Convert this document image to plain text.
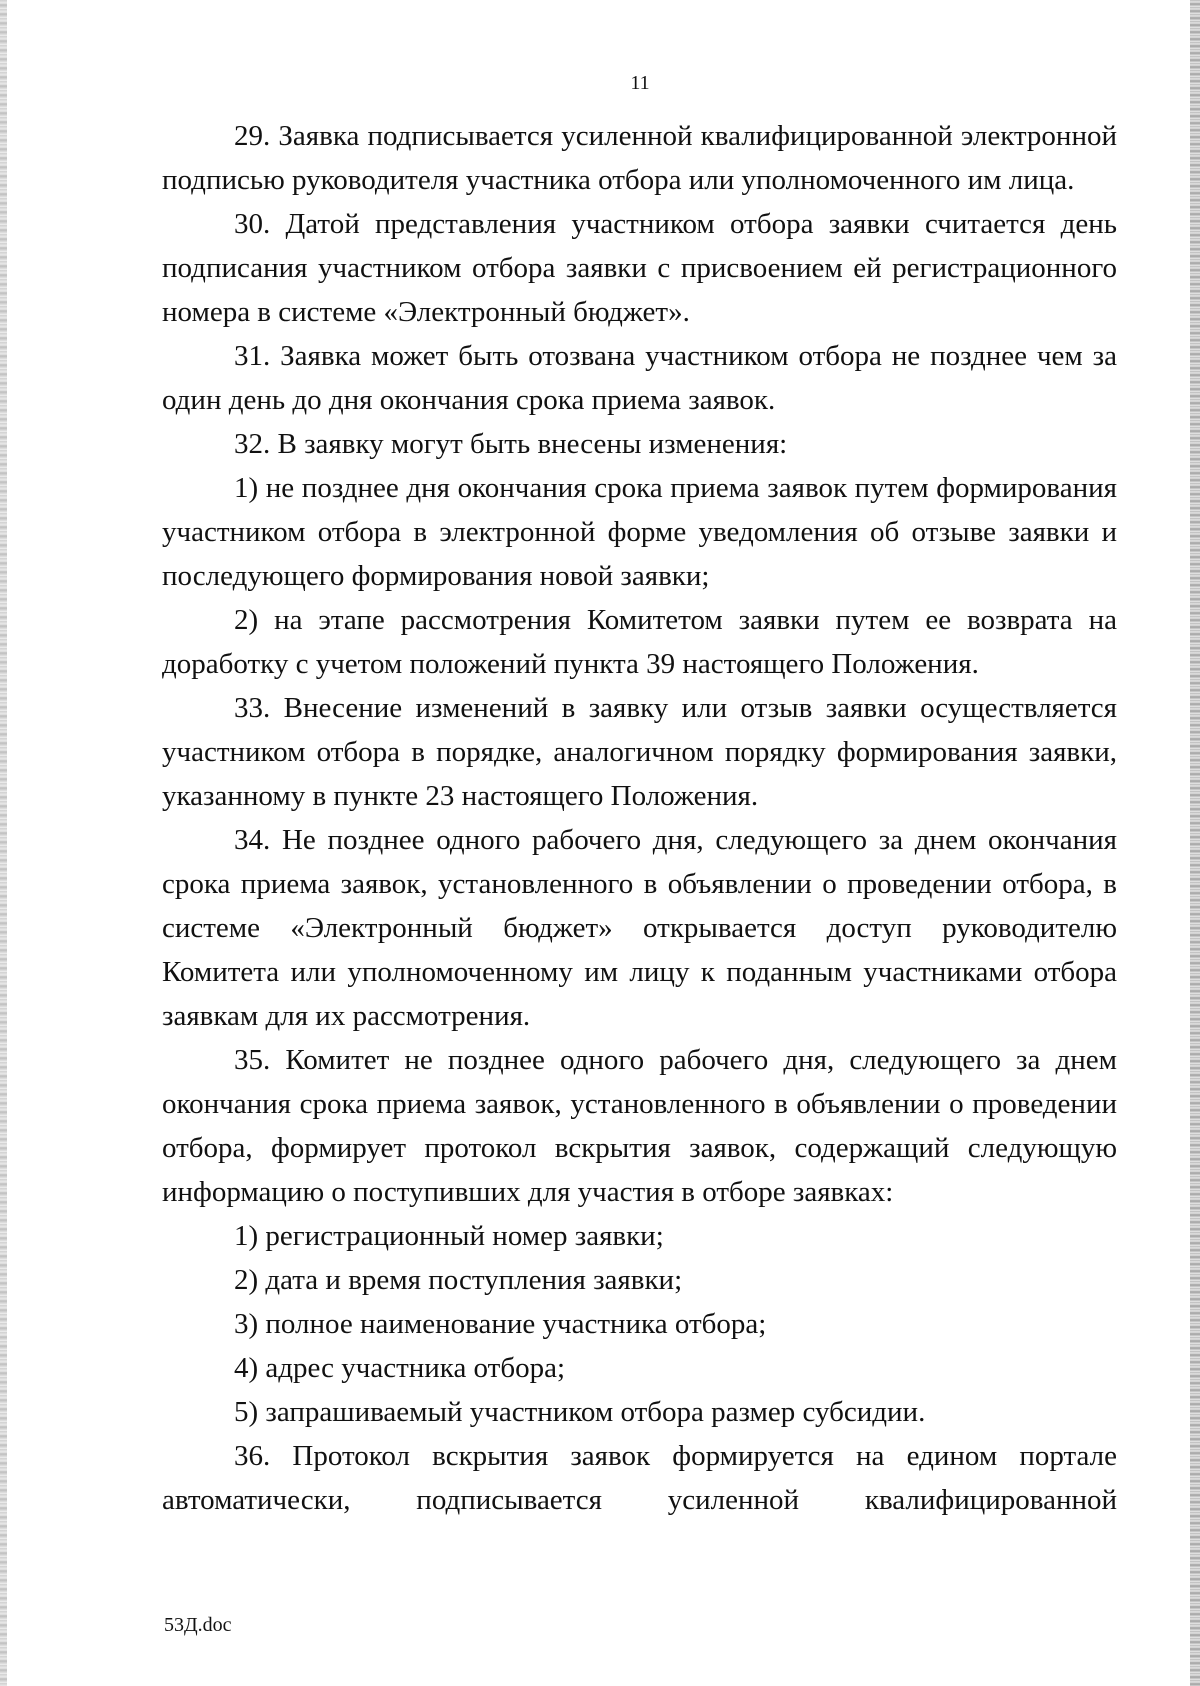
11

29. Заявка подписывается усиленной квалифицированной электронной подписью руководителя участника отбора или уполномоченного им лица.

30. Датой представления участником отбора заявки считается день подписания участником отбора заявки с присвоением ей регистрационного номера в системе «Электронный бюджет».

31. Заявка может быть отозвана участником отбора не позднее чем за один день до дня окончания срока приема заявок.

32. В заявку могут быть внесены изменения:

1) не позднее дня окончания срока приема заявок путем формирования участником отбора в электронной форме уведомления об отзыве заявки и последующего формирования новой заявки;

2) на этапе рассмотрения Комитетом заявки путем ее возврата на доработку с учетом положений пункта 39 настоящего Положения.

33. Внесение изменений в заявку или отзыв заявки осуществляется участником отбора в порядке, аналогичном порядку формирования заявки, указанному в пункте 23 настоящего Положения.

34. Не позднее одного рабочего дня, следующего за днем окончания срока приема заявок, установленного в объявлении о проведении отбора, в системе «Электронный бюджет» открывается доступ руководителю Комитета или уполномоченному им лицу к поданным участниками отбора заявкам для их рассмотрения.

35. Комитет не позднее одного рабочего дня, следующего за днем окончания срока приема заявок, установленного в объявлении о проведении отбора, формирует протокол вскрытия заявок, содержащий следующую информацию о поступивших для участия в отборе заявках:

1) регистрационный номер заявки;

2) дата и время поступления заявки;

3) полное наименование участника отбора;

4) адрес участника отбора;

5) запрашиваемый участником отбора размер субсидии.

36. Протокол вскрытия заявок формируется на едином портале автоматически, подписывается усиленной квалифицированной

53Д.doc
